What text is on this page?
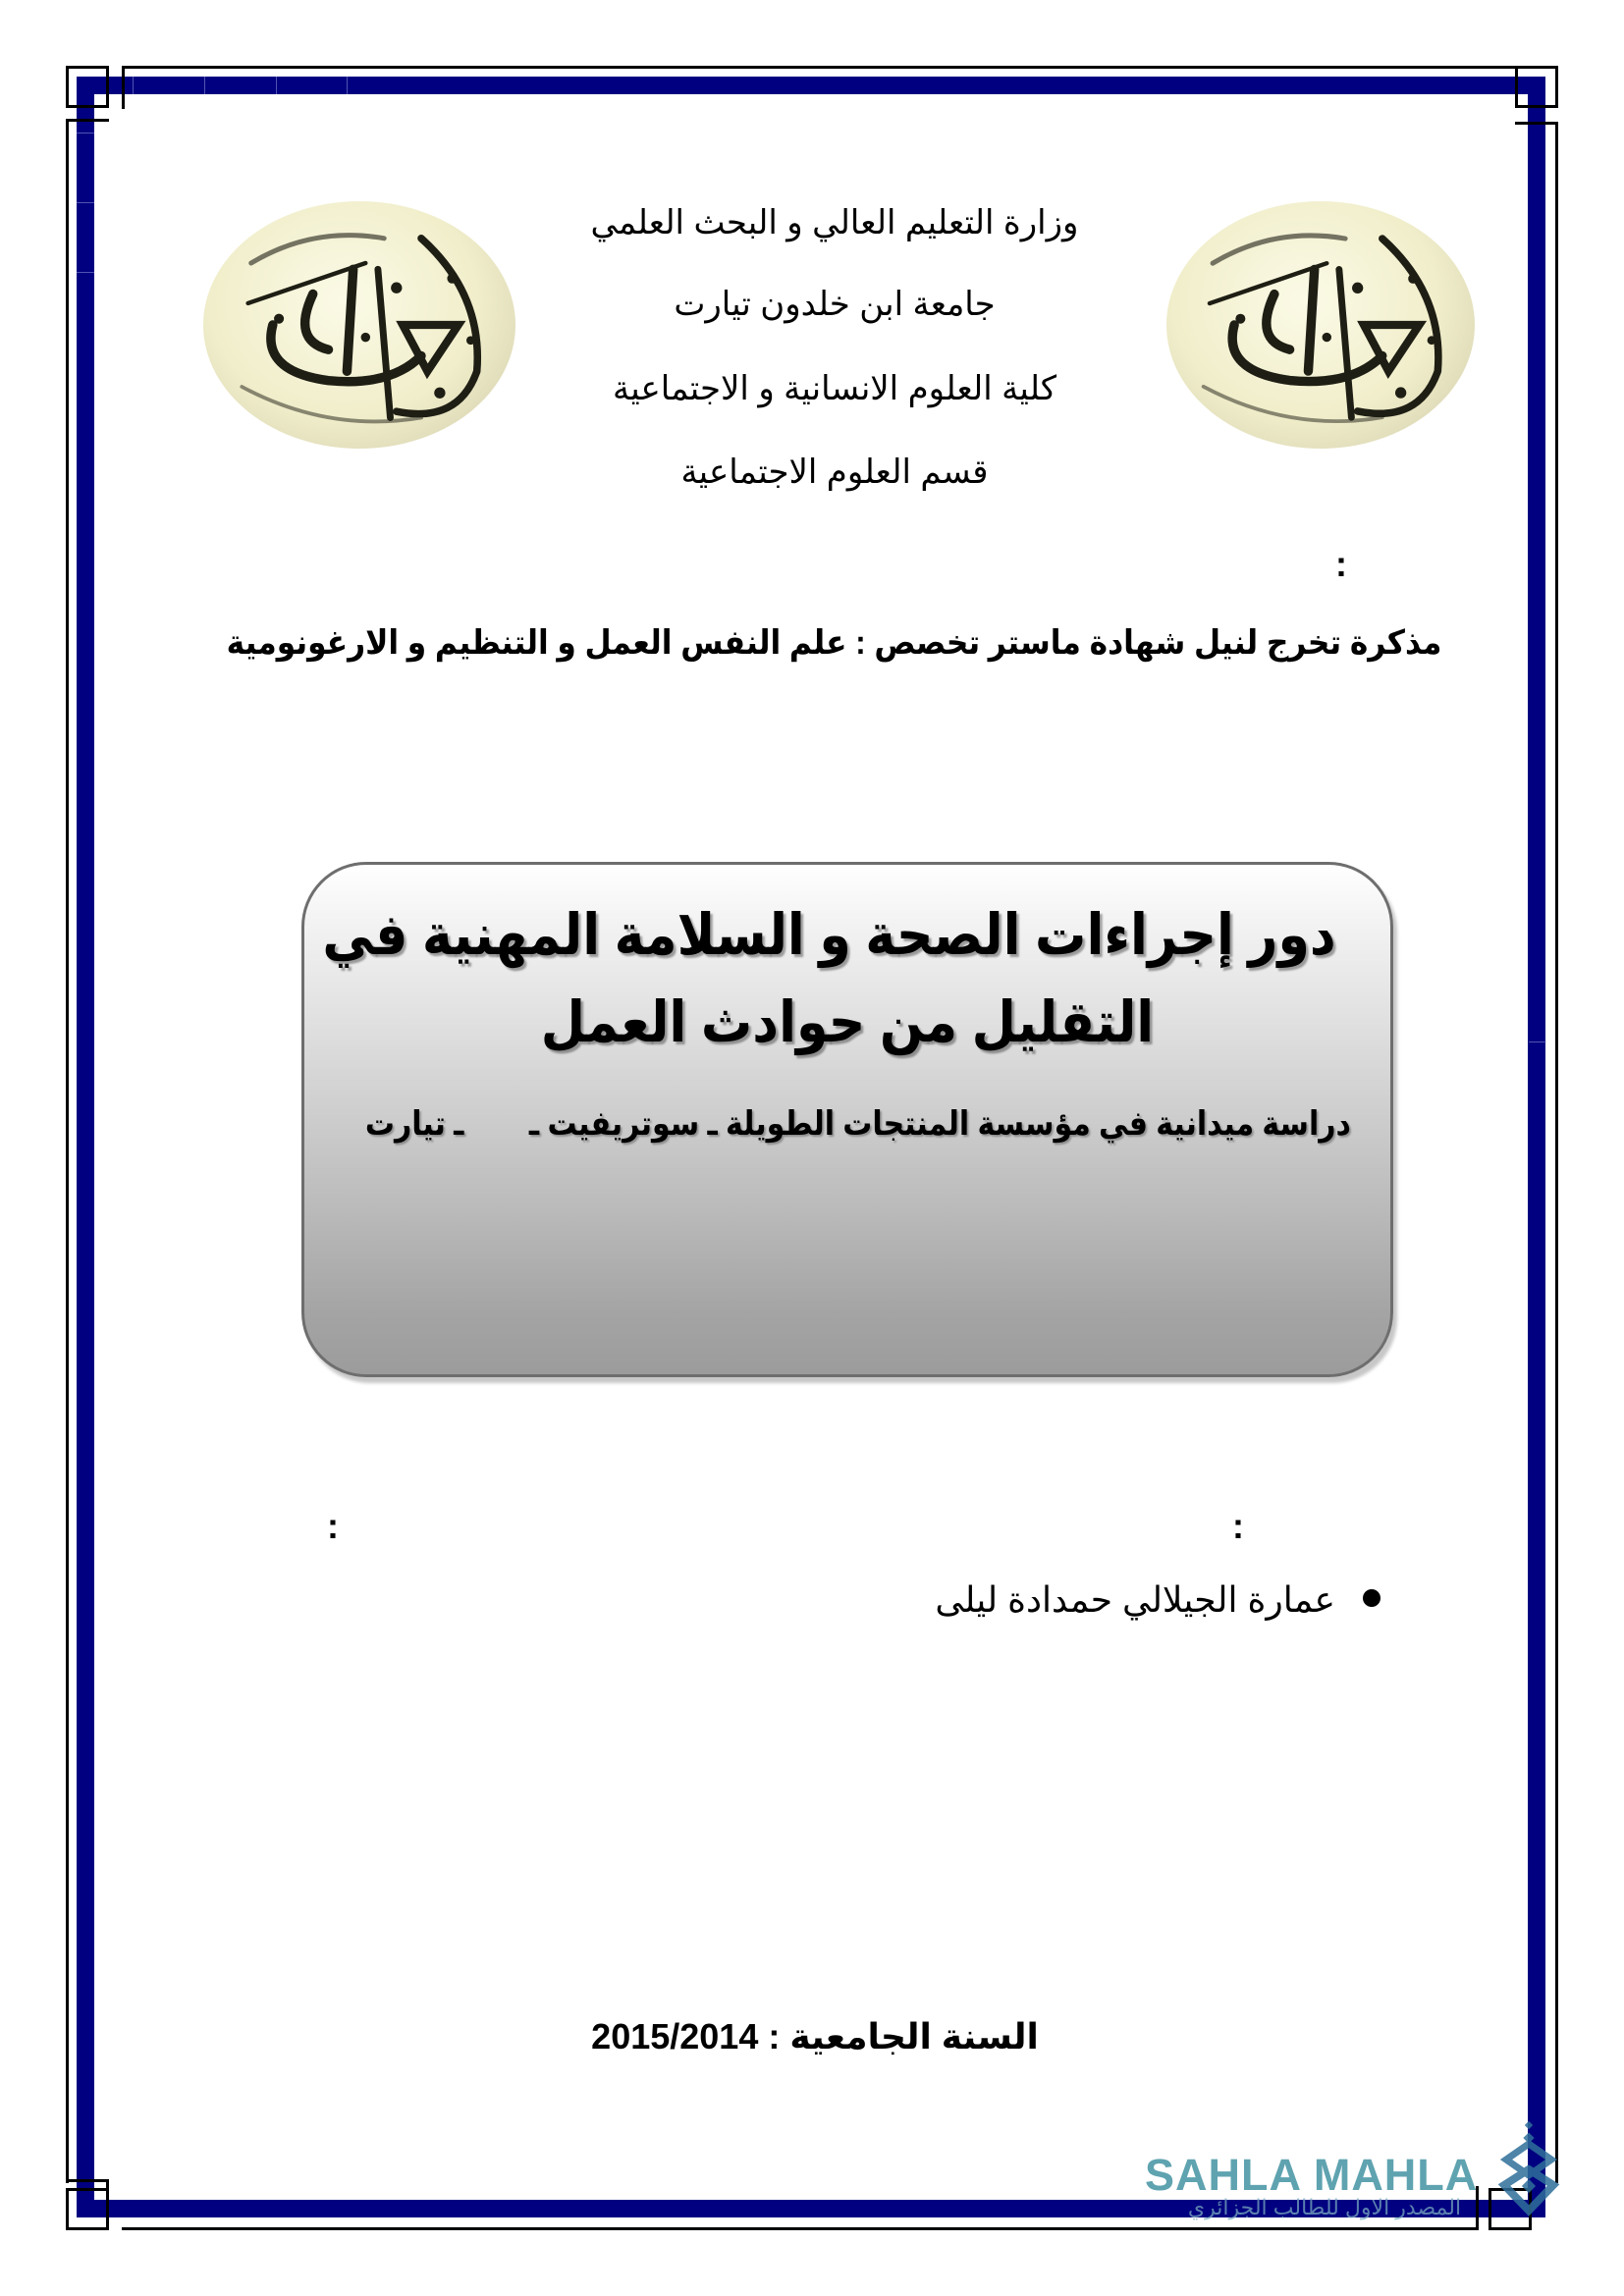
وزارة التعليم العالي و البحث العلمي
جامعة ابن خلدون تيارت
كلية العلوم الانسانية و الاجتماعية
قسم العلوم الاجتماعية
:
مذكرة تخرج لنيل شهادة ماستر تخصص : علم النفس العمل و التنظيم و الارغونومية
دور إجراءات الصحة و السلامة المهنية في
التقليل من حوادث العمل
دراسة ميدانية في مؤسسة المنتجات الطويلة ـ سوتريفيت ـ        ـ تيارت
:
:
عمارة الجيلالي حمدادة ليلى
السنة الجامعية : 2015/2014
SAHLA MAHLA
المصدر الاول للطالب الجزائري
